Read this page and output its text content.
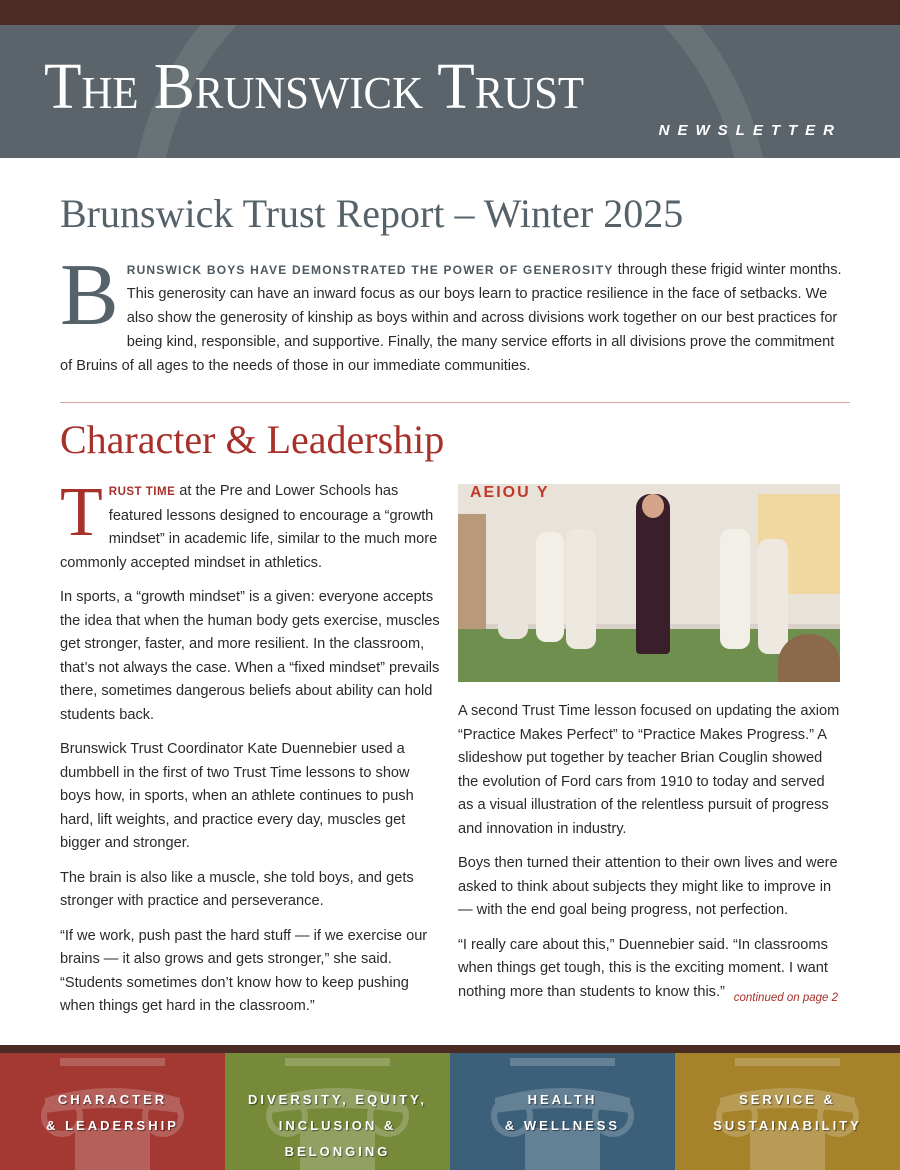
The Brunswick Trust
NEWSLETTER
Brunswick Trust Report – Winter 2025
BRUNSWICK BOYS HAVE DEMONSTRATED THE POWER OF GENEROSITY through these frigid winter months. This generosity can have an inward focus as our boys learn to practice resilience in the face of setbacks. We also show the generosity of kinship as boys within and across divisions work together on our best practices for being kind, responsible, and supportive. Finally, the many service efforts in all divisions prove the commitment of Bruins of all ages to the needs of those in our immediate communities.
Character & Leadership

TRUST TIME at the Pre and Lower Schools has featured lessons designed to encourage a “growth mindset” in academic life, similar to the much more commonly accepted mindset in athletics.

In sports, a “growth mindset” is a given: everyone accepts the idea that when the human body gets exercise, muscles get stronger, faster, and more resilient. In the classroom, that’s not always the case. When a “fixed mindset” prevails there, sometimes dangerous beliefs about ability can hold students back.

Brunswick Trust Coordinator Kate Duennebier used a dumbbell in the first of two Trust Time lessons to show boys how, in sports, when an athlete continues to push hard, lift weights, and practice every day, muscles get bigger and stronger.

The brain is also like a muscle, she told boys, and gets stronger with practice and perseverance.

“If we work, push past the hard stuff — if we exercise our brains — it also grows and gets stronger,” she said. “Students sometimes don’t know how to keep pushing when things get hard in the classroom.”

AEIOU Y

A second Trust Time lesson focused on updating the axiom “Practice Makes Perfect” to “Practice Makes Progress.” A slideshow put together by teacher Brian Couglin showed the evolution of Ford cars from 1910 to today and served as a visual illustration of the relentless pursuit of progress and innovation in industry.

Boys then turned their attention to their own lives and were asked to think about subjects they might like to improve in — with the end goal being progress, not perfection.

“I really care about this,” Duennebier said. “In classrooms when things get tough, this is the exciting moment. I want nothing more than students to know this.” continued on page 2
CHARACTER
& LEADERSHIP
DIVERSITY, EQUITY,
INCLUSION &
BELONGING
HEALTH
& WELLNESS
SERVICE &
SUSTAINABILITY
